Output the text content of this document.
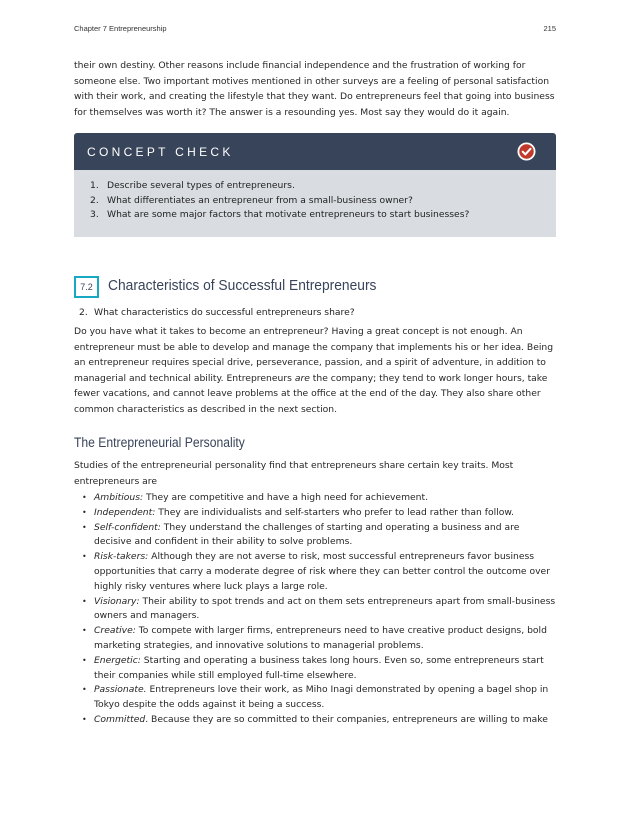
Chapter 7 Entrepreneurship	215

their own destiny. Other reasons include financial independence and the frustration of working for someone else. Two important motives mentioned in other surveys are a feeling of personal satisfaction with their work, and creating the lifestyle that they want. Do entrepreneurs feel that going into business for themselves was worth it? The answer is a resounding yes. Most say they would do it again.

CONCEPT CHECK
1. Describe several types of entrepreneurs.
2. What differentiates an entrepreneur from a small-business owner?
3. What are some major factors that motivate entrepreneurs to start businesses?
7.2	Characteristics of Successful Entrepreneurs
2. What characteristics do successful entrepreneurs share?

Do you have what it takes to become an entrepreneur? Having a great concept is not enough. An entrepreneur must be able to develop and manage the company that implements his or her idea. Being an entrepreneur requires special drive, perseverance, passion, and a spirit of adventure, in addition to managerial and technical ability. Entrepreneurs are the company; they tend to work longer hours, take fewer vacations, and cannot leave problems at the office at the end of the day. They also share other common characteristics as described in the next section.

The Entrepreneurial Personality

Studies of the entrepreneurial personality find that entrepreneurs share certain key traits. Most entrepreneurs are

• Ambitious: They are competitive and have a high need for achievement.
• Independent: They are individualists and self-starters who prefer to lead rather than follow.
• Self-confident: They understand the challenges of starting and operating a business and are decisive and confident in their ability to solve problems.
• Risk-takers: Although they are not averse to risk, most successful entrepreneurs favor business opportunities that carry a moderate degree of risk where they can better control the outcome over highly risky ventures where luck plays a large role.
• Visionary: Their ability to spot trends and act on them sets entrepreneurs apart from small-business owners and managers.
• Creative: To compete with larger firms, entrepreneurs need to have creative product designs, bold marketing strategies, and innovative solutions to managerial problems.
• Energetic: Starting and operating a business takes long hours. Even so, some entrepreneurs start their companies while still employed full-time elsewhere.
• Passionate. Entrepreneurs love their work, as Miho Inagi demonstrated by opening a bagel shop in Tokyo despite the odds against it being a success.
• Committed. Because they are so committed to their companies, entrepreneurs are willing to make
